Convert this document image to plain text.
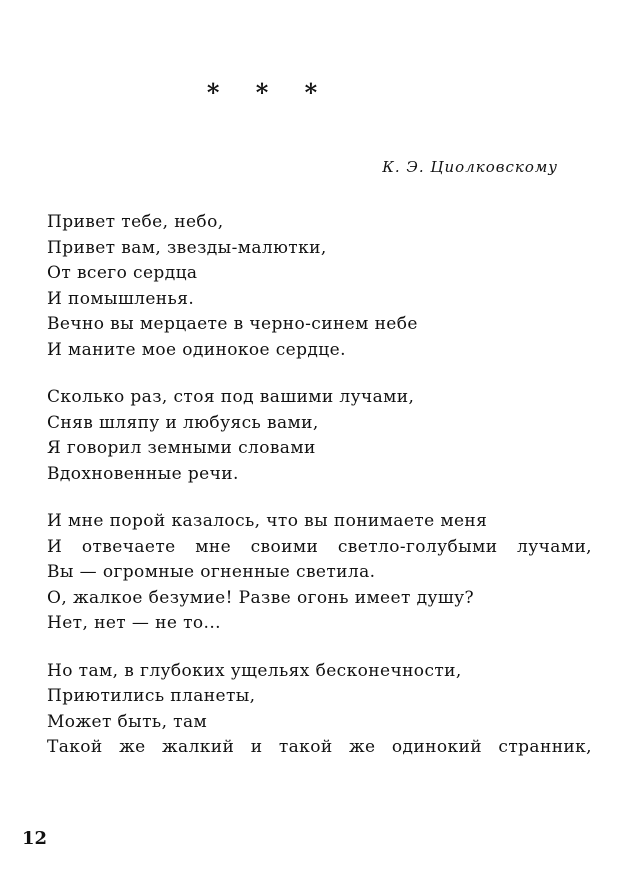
* * *
К. Э. Циолковскому
Привет тебе, небо,
Привет вам, звезды-малютки,
От всего сердца
И помышленья.
Вечно вы мерцаете в черно-синем небе
И маните мое одинокое сердце.
Сколько раз, стоя под вашими лучами,
Сняв шляпу и любуясь вами,
Я говорил земными словами
Вдохновенные речи.
И мне порой казалось, что вы понимаете меня
И отвечаете мне своими светло-голубыми лучами,
Вы — огромные огненные светила.
О, жалкое безумие! Разве огонь имеет душу?
Нет, нет — не то...
Но там, в глубоких ущельях бесконечности,
Приютились планеты,
Может быть, там
Такой же жалкий и такой же одинокий странник,
12
